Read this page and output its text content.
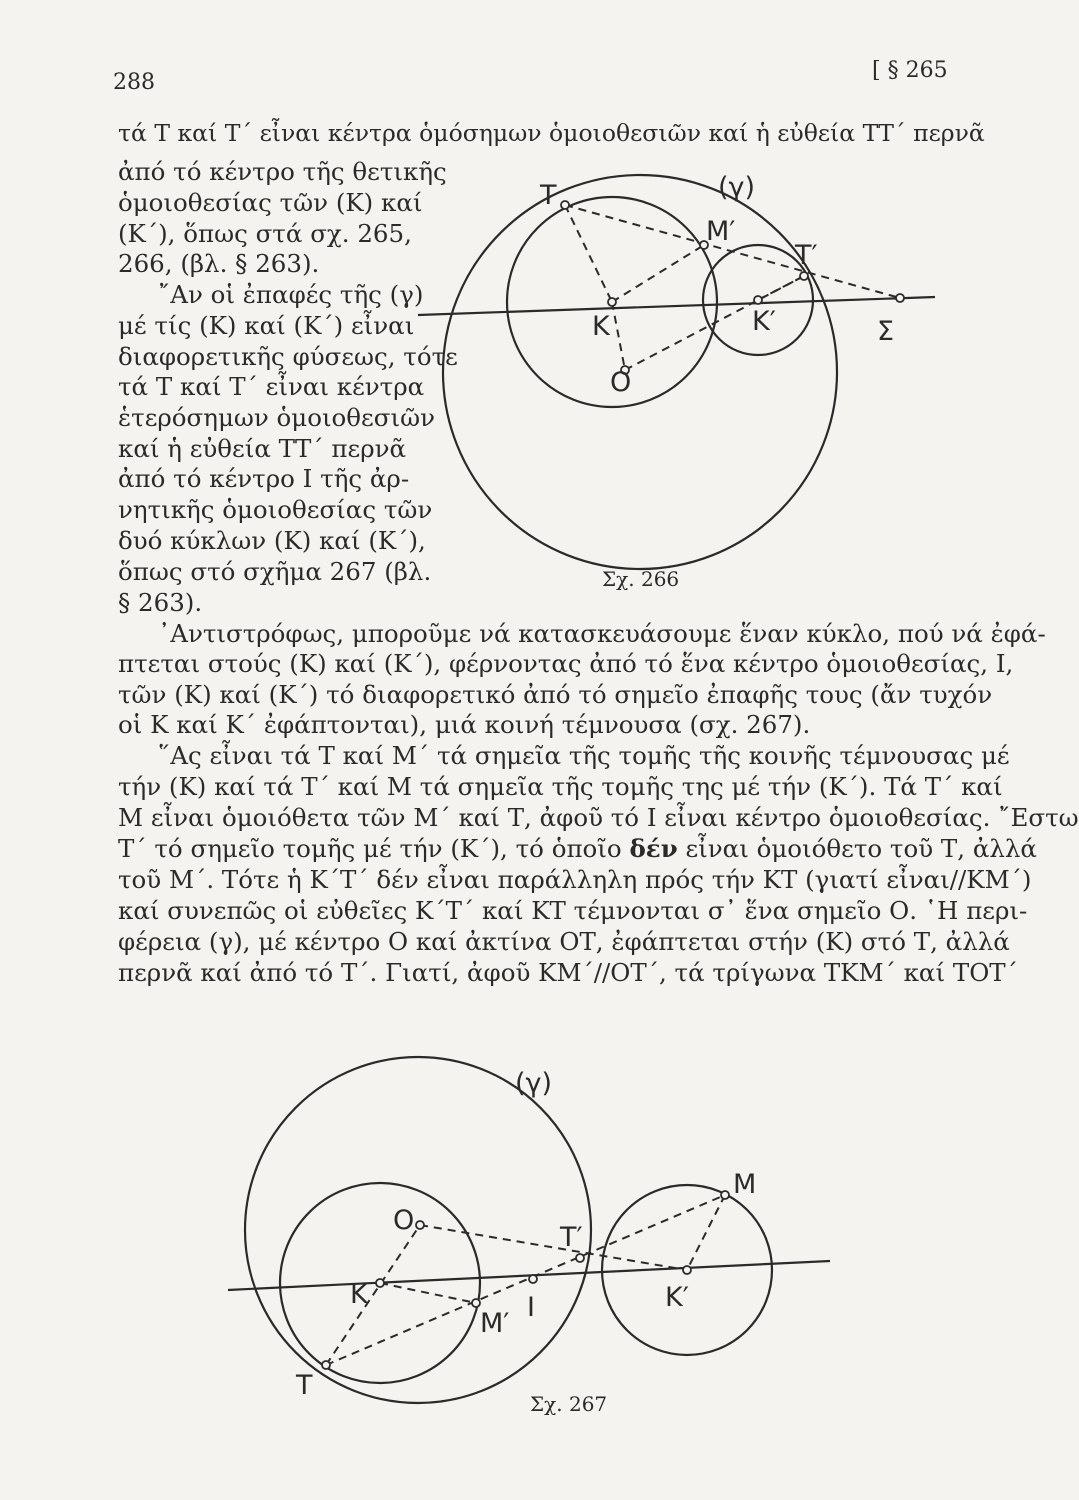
288	[ § 265
τά Τ καί Τ΄ εἶναι κέντρα ὁμόσημων ὁμοιοθεσιῶν καί ἡ εὐθεία ΤΤ΄ περνᾶ
ἀπό τό κέντρο τῆς θετικῆς
ὁμοιοθεσίας τῶν (Κ) καί
(Κ΄), ὅπως στά σχ. 265,
266, (βλ. § 263).
῎Αν οἱ ἐπαφές τῆς (γ)
μέ τίς (Κ) καί (Κ΄) εἶναι
διαφορετικῆς φύσεως, τότε
τά Τ καί Τ΄ εἶναι κέντρα
ἑτερόσημων ὁμοιοθεσιῶν
καί ἡ εὐθεία ΤΤ΄ περνᾶ
ἀπό τό κέντρο Ι τῆς ἀρ-
νητικῆς ὁμοιοθεσίας τῶν
δυό κύκλων (Κ) καί (Κ΄),
ὅπως στό σχῆμα 267 (βλ.
§ 263).
T	(γ)
M′
T′
K	K′	Σ
O
Σχ. 266
᾿Αντιστρόφως, μποροῦμε νά κατασκευάσουμε ἕναν κύκλο, πού νά ἐφά-
πτεται στούς (Κ) καί (Κ΄), φέρνοντας ἀπό τό ἕνα κέντρο ὁμοιοθεσίας, Ι,
τῶν (Κ) καί (Κ΄) τό διαφορετικό ἀπό τό σημεῖο ἐπαφῆς τους (ἄν τυχόν
οἱ Κ καί Κ΄ ἐφάπτονται), μιά κοινή τέμνουσα (σχ. 267).
῞Ας εἶναι τά Τ καί Μ΄ τά σημεῖα τῆς τομῆς τῆς κοινῆς τέμνουσας μέ
τήν (Κ) καί τά Τ΄ καί Μ τά σημεῖα τῆς τομῆς της μέ τήν (Κ΄). Τά Τ΄ καί
Μ εἶναι ὁμοιόθετα τῶν Μ΄ καί Τ, ἀφοῦ τό Ι εἶναι κέντρο ὁμοιοθεσίας. ῎Εστω
Τ΄ τό σημεῖο τομῆς μέ τήν (Κ΄), τό ὁποῖο δέν εἶναι ὁμοιόθετο τοῦ Τ, ἀλλά
τοῦ Μ΄. Τότε ἡ Κ΄Τ΄ δέν εἶναι παράλληλη πρός τήν ΚΤ (γιατί εἶναι//ΚΜ΄)
καί συνεπῶς οἱ εὐθεῖες Κ΄Τ΄ καί ΚΤ τέμνονται σ᾿ ἕνα σημεῖο Ο. ῾Η περι-
φέρεια (γ), μέ κέντρο Ο καί ἀκτίνα ΟΤ, ἐφάπτεται στήν (Κ) στό Τ, ἀλλά
περνᾶ καί ἀπό τό Τ΄. Γιατί, ἀφοῦ ΚΜ΄//ΟΤ΄, τά τρίγωνα ΤΚΜ΄ καί ΤΟΤ΄
(γ)
M
O
T′
K	I
M′
K′
T
Σχ. 267
